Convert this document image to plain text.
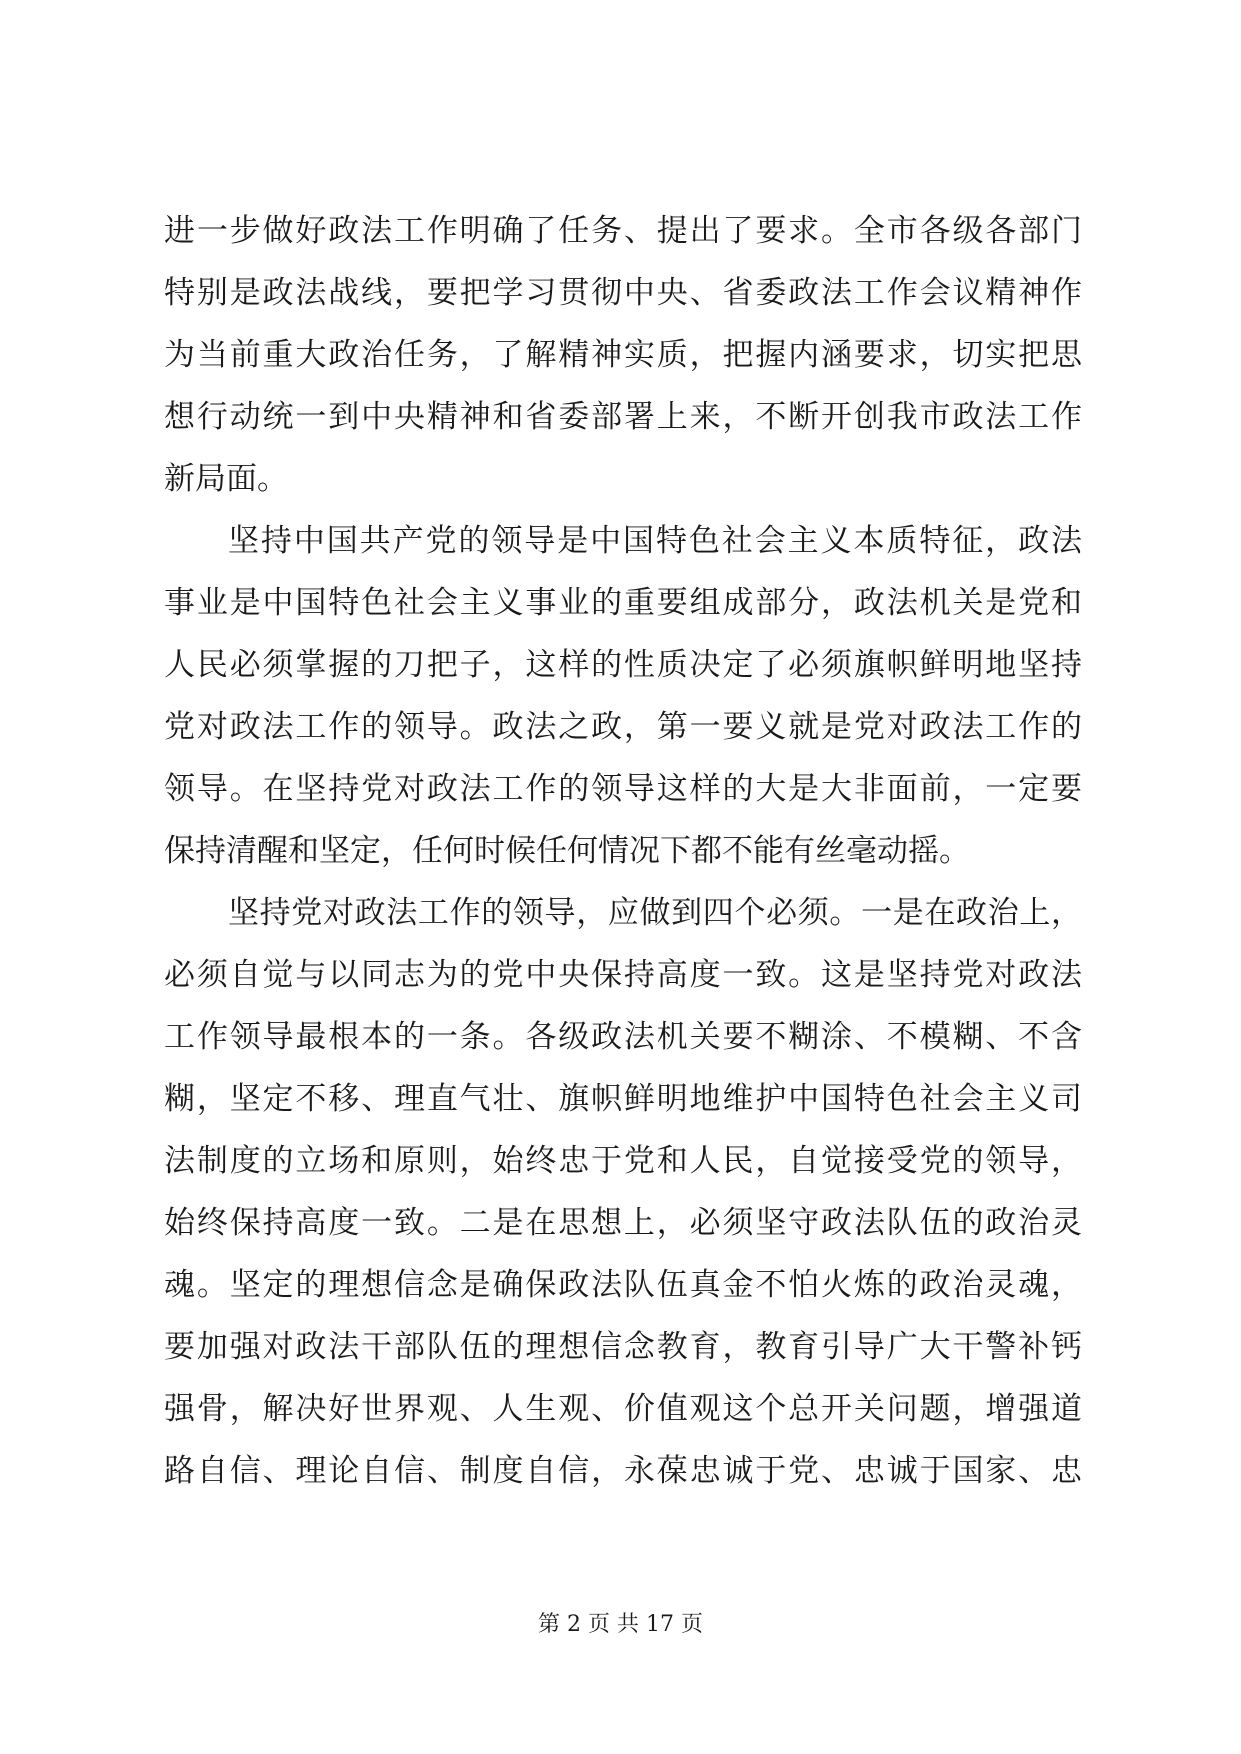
进一步做好政法工作明确了任务、提出了要求。全市各级各部门
特别是政法战线，要把学习贯彻中央、省委政法工作会议精神作
为当前重大政治任务，了解精神实质，把握内涵要求，切实把思
想行动统一到中央精神和省委部署上来，不断开创我市政法工作
新局面。
坚持中国共产党的领导是中国特色社会主义本质特征，政法
事业是中国特色社会主义事业的重要组成部分，政法机关是党和
人民必须掌握的刀把子，这样的性质决定了必须旗帜鲜明地坚持
党对政法工作的领导。政法之政，第一要义就是党对政法工作的
领导。在坚持党对政法工作的领导这样的大是大非面前，一定要
保持清醒和坚定，任何时候任何情况下都不能有丝毫动摇。
坚持党对政法工作的领导，应做到四个必须。一是在政治上，
必须自觉与以同志为的党中央保持高度一致。这是坚持党对政法
工作领导最根本的一条。各级政法机关要不糊涂、不模糊、不含
糊，坚定不移、理直气壮、旗帜鲜明地维护中国特色社会主义司
法制度的立场和原则，始终忠于党和人民，自觉接受党的领导，
始终保持高度一致。二是在思想上，必须坚守政法队伍的政治灵
魂。坚定的理想信念是确保政法队伍真金不怕火炼的政治灵魂，
要加强对政法干部队伍的理想信念教育，教育引导广大干警补钙
强骨，解决好世界观、人生观、价值观这个总开关问题，增强道
路自信、理论自信、制度自信，永葆忠诚于党、忠诚于国家、忠
第 2 页 共 17 页
